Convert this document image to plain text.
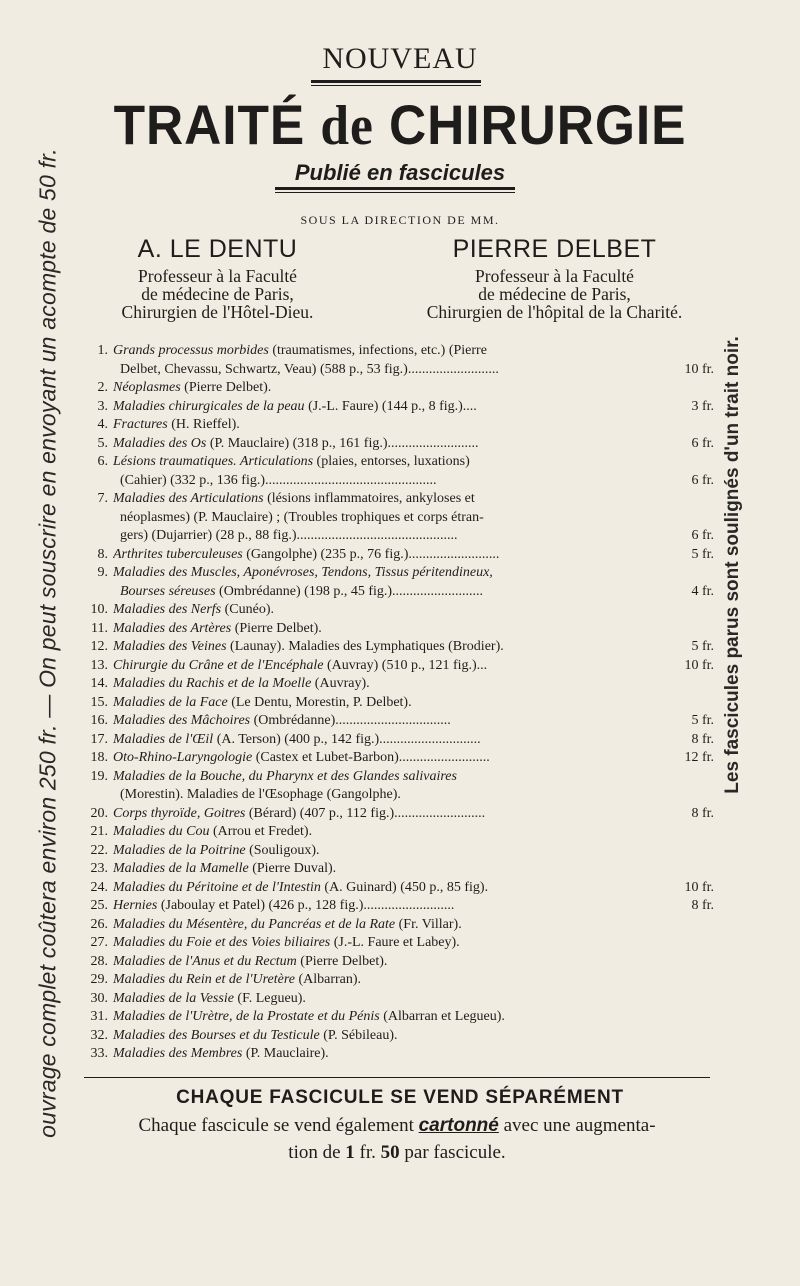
ouvrage complet coûtera environ 250 fr. — On peut souscrire en envoyant un acompte de 50 fr.	Les fascicules parus sont soulignés d'un trait noir.
NOUVEAU
TRAITÉ de CHIRURGIE
Publié en fascicules
SOUS LA DIRECTION DE MM.
A. LE DENTU
Professeur à la Faculté
de médecine de Paris,
Chirurgien de l'Hôtel-Dieu.
PIERRE DELBET
Professeur à la Faculté
de médecine de Paris,
Chirurgien de l'hôpital de la Charité.
1. Grands processus morbides (traumatismes, infections, etc.) (Pierre
Delbet, Chevassu, Schwartz, Veau) (588 p., 53 fig.)..........................	10 fr.
2. Néoplasmes (Pierre Delbet).
3. Maladies chirurgicales de la peau (J.-L. Faure) (144 p., 8 fig.)....	3 fr.
4. Fractures (H. Rieffel).
5. Maladies des Os (P. Mauclaire) (318 p., 161 fig.)..........................	6 fr.
6. Lésions traumatiques. Articulations (plaies, entorses, luxations)
(Cahier) (332 p., 136 fig.).................................................	6 fr.
7. Maladies des Articulations (lésions inflammatoires, ankyloses et
néoplasmes) (P. Mauclaire) ; (Troubles trophiques et corps étran-
gers) (Dujarrier) (28 p., 88 fig.)..............................................	6 fr.
8. Arthrites tuberculeuses (Gangolphe) (235 p., 76 fig.)..........................	5 fr.
9. Maladies des Muscles, Aponévroses, Tendons, Tissus péritendineux,
Bourses séreuses (Ombrédanne) (198 p., 45 fig.)..........................	4 fr.
10. Maladies des Nerfs (Cunéo).
11. Maladies des Artères (Pierre Delbet).
12. Maladies des Veines (Launay). Maladies des Lymphatiques (Brodier).	5 fr.
13. Chirurgie du Crâne et de l'Encéphale (Auvray) (510 p., 121 fig.)...	10 fr.
14. Maladies du Rachis et de la Moelle (Auvray).
15. Maladies de la Face (Le Dentu, Morestin, P. Delbet).
16. Maladies des Mâchoires (Ombrédanne).................................	5 fr.
17. Maladies de l'Œil (A. Terson) (400 p., 142 fig.).............................	8 fr.
18. Oto-Rhino-Laryngologie (Castex et Lubet-Barbon)..........................	12 fr.
19. Maladies de la Bouche, du Pharynx et des Glandes salivaires
(Morestin). Maladies de l'Œsophage (Gangolphe).
20. Corps thyroïde, Goitres (Bérard) (407 p., 112 fig.)..........................	8 fr.
21. Maladies du Cou (Arrou et Fredet).
22. Maladies de la Poitrine (Souligoux).
23. Maladies de la Mamelle (Pierre Duval).
24. Maladies du Péritoine et de l'Intestin (A. Guinard) (450 p., 85 fig).	10 fr.
25. Hernies (Jaboulay et Patel) (426 p., 128 fig.)..........................	8 fr.
26. Maladies du Mésentère, du Pancréas et de la Rate (Fr. Villar).
27. Maladies du Foie et des Voies biliaires (J.-L. Faure et Labey).
28. Maladies de l'Anus et du Rectum (Pierre Delbet).
29. Maladies du Rein et de l'Uretère (Albarran).
30. Maladies de la Vessie (F. Legueu).
31. Maladies de l'Urètre, de la Prostate et du Pénis (Albarran et Legueu).
32. Maladies des Bourses et du Testicule (P. Sébileau).
33. Maladies des Membres (P. Mauclaire).
CHAQUE FASCICULE SE VEND SÉPARÉMENT
Chaque fascicule se vend également cartonné avec une augmenta-
tion de 1 fr. 50 par fascicule.
